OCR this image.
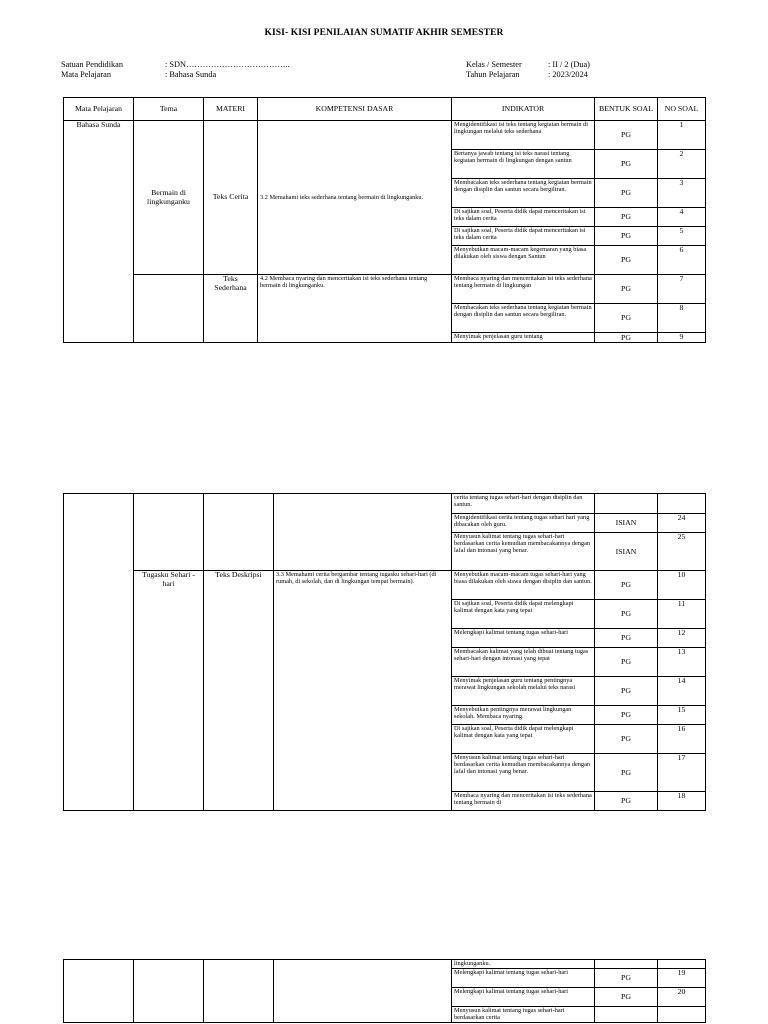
KISI- KISI PENILAIAN SUMATIF AKHIR SEMESTER
Satuan Pendidikan	: SDN………………………………..
Mata Pelajaran	: Bahasa Sunda
Kelas / Semester	: II / 2 (Dua)
Tahun Pelajaran	: 2023/2024
Mata Pelajaran	Tema	MATERI	KOMPETENSI DASAR	INDIKATOR	BENTUK SOAL	NO SOAL
Bahasa Sunda	Bermain di lingkunganku	Teks Cerita	3.2 Memahami teks sederhana tentang bermain di lingkunganku.	Mengidentifikasi isi teks tentang kegiatan bermain di lingkungan melalui teks sederhana	PG	1
				Bertanya jawab tentang isi teks narasi tentang kegiatan bermain di lingkungan dengan santun	PG	2
				Membacakan teks sederhana tentang kegiatan bermain dengan disiplin dan santun secara bergiliran.	PG	3
				Di sajikan soal, Peserta didik dapat menceritakan isi teks dalam cerita	PG	4
				Di sajikan soal, Peserta didik dapat menceritakan isi teks dalam cerita	PG	5
				Menyebutkan macam-macam kegemaran yang biasa dilakukan oleh siswa dengan Santun	PG	6
		Teks Sederhana	4.2 Membaca nyaring dan menceritakan isi teks sederhana tentang bermain di lingkunganku.	Membaca nyaring dan menceritakan isi teks sederhana tentang bermain di lingkungan	PG	7
				Membacakan teks sederhana tentang kegiatan bermain dengan disiplin dan santun secara bergiliran.	PG	8
				Menyimak penjelasan guru tentang	PG	9
				cerita tentang tugas sehari-hari dengan disiplin dan santun.		
				Mengidentifikasi cerita tentang tugas sehari hari yang dibacakan oleh guru.	ISIAN	24
				Menyusun kalimat tentang tugas sehari-hari berdasarkan cerita kemudian membacakannya dengan lafal dan intonasi yang benar.	ISIAN	25
	Tugasku Sehari - hari	Teks Deskripsi	3.3 Memahami cerita bergambar tentang tugasku sehari-hari (di rumah, di sekolah, dan di lingkungan tempat bermain).	Menyebutkan macam-macam tugas sehari-hari yang biasa dilakukan oleh siswa dengan disiplin dan santun.	PG	10
				Di sajikan soal, Peserta didik dapat melengkapi kalimat dengan kata yang tepat	PG	11
				Melengkapi kalimat tentang tugas sehari-hari	PG	12
				Membacakan kalimat yang telah dibuat tentang tugas sehari-hari dengan intonasi yang tepat	PG	13
				Menyimak penjelasan guru tentang pentingnya merawat lingkungan sekolah melalui teks narasi	PG	14
				Menyebutkan pentingnya merawat lingkungan sekolah. Membaca nyaring.	PG	15
				Di sajikan soal, Peserta didik dapat melengkapi kalimat dengan kata yang tepat	PG	16
				Menyusun kalimat tentang tugas sehari-hari berdasarkan cerita kemudian membacakannya dengan lafal dan intonasi yang benar.	PG	17
				Membaca nyaring dan menceritakan isi teks sederhana tentang bermain di	PG	18
				lingkunganku.		
				Melengkapi kalimat tentang tugas sehari-hari	PG	19
				Melengkapi kalimat tentang tugas sehari-hari	PG	20
				Menyusun kalimat tentang tugas sehari-hari berdasarkan cerita		
